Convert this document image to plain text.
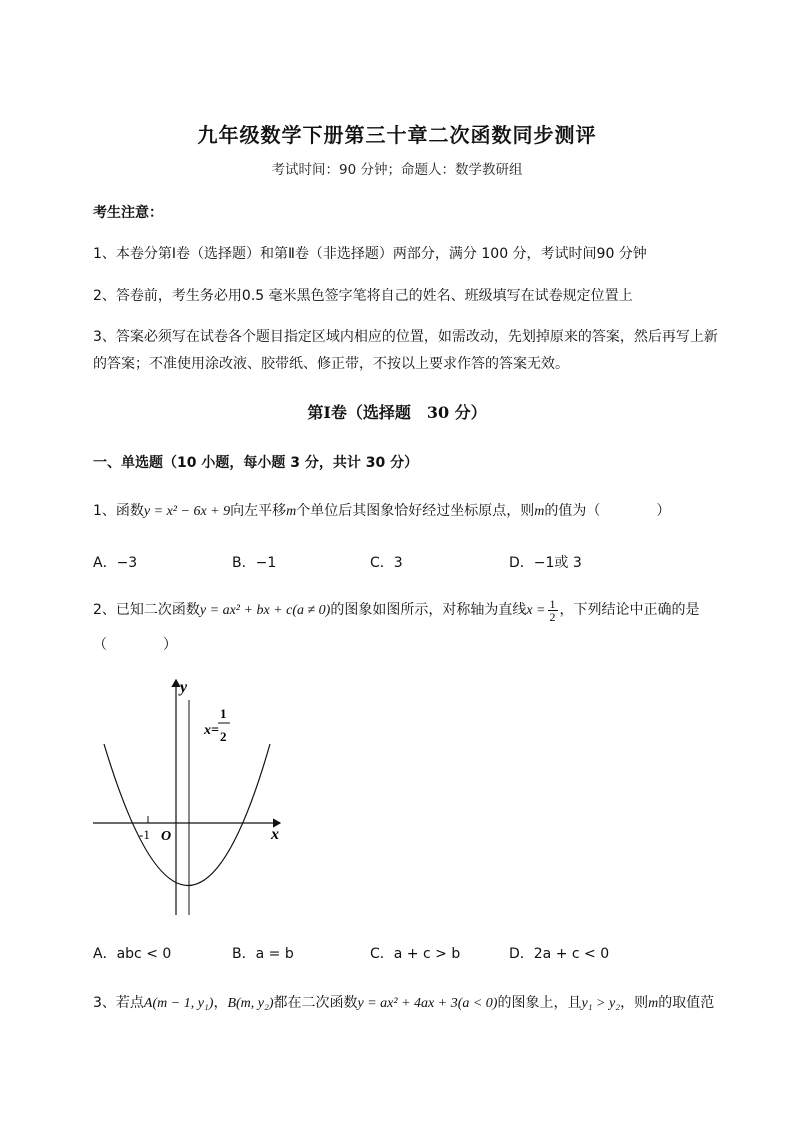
九年级数学下册第三十章二次函数同步测评
考试时间：90 分钟；命题人：数学教研组
考生注意：
1、本卷分第Ⅰ卷（选择题）和第Ⅱ卷（非选择题）两部分，满分 100 分，考试时间90 分钟
2、答卷前，考生务必用0.5 毫米黑色签字笔将自己的姓名、班级填写在试卷规定位置上
3、答案必须写在试卷各个题目指定区域内相应的位置，如需改动，先划掉原来的答案，然后再写上新
的答案；不准使用涂改液、胶带纸、修正带，不按以上要求作答的答案无效。
第Ⅰ卷（选择题　30 分）
一、单选题（10 小题，每小题 3 分，共计 30 分）
1、函数y = x² − 6x + 9向左平移m个单位后其图象恰好经过坐标原点，则m的值为（　　　　）
A．−3	B．−1	C．3	D．−1或 3
2、已知二次函数y = ax² + bx + c(a ≠ 0)的图象如图所示，对称轴为直线$x = \frac{1}{2}$ ，下列结论中正确的是
（　　　　）
y
x
O
-1
x=
1
2
A．abc < 0	B．a = b	C．a + c > b	D．2a + c < 0
3、若点A(m − 1, y₁)，B(m, y₂)都在二次函数y = ax² + 4ax + 3(a < 0)的图象上，且y₁ > y₂，则m的取值范
